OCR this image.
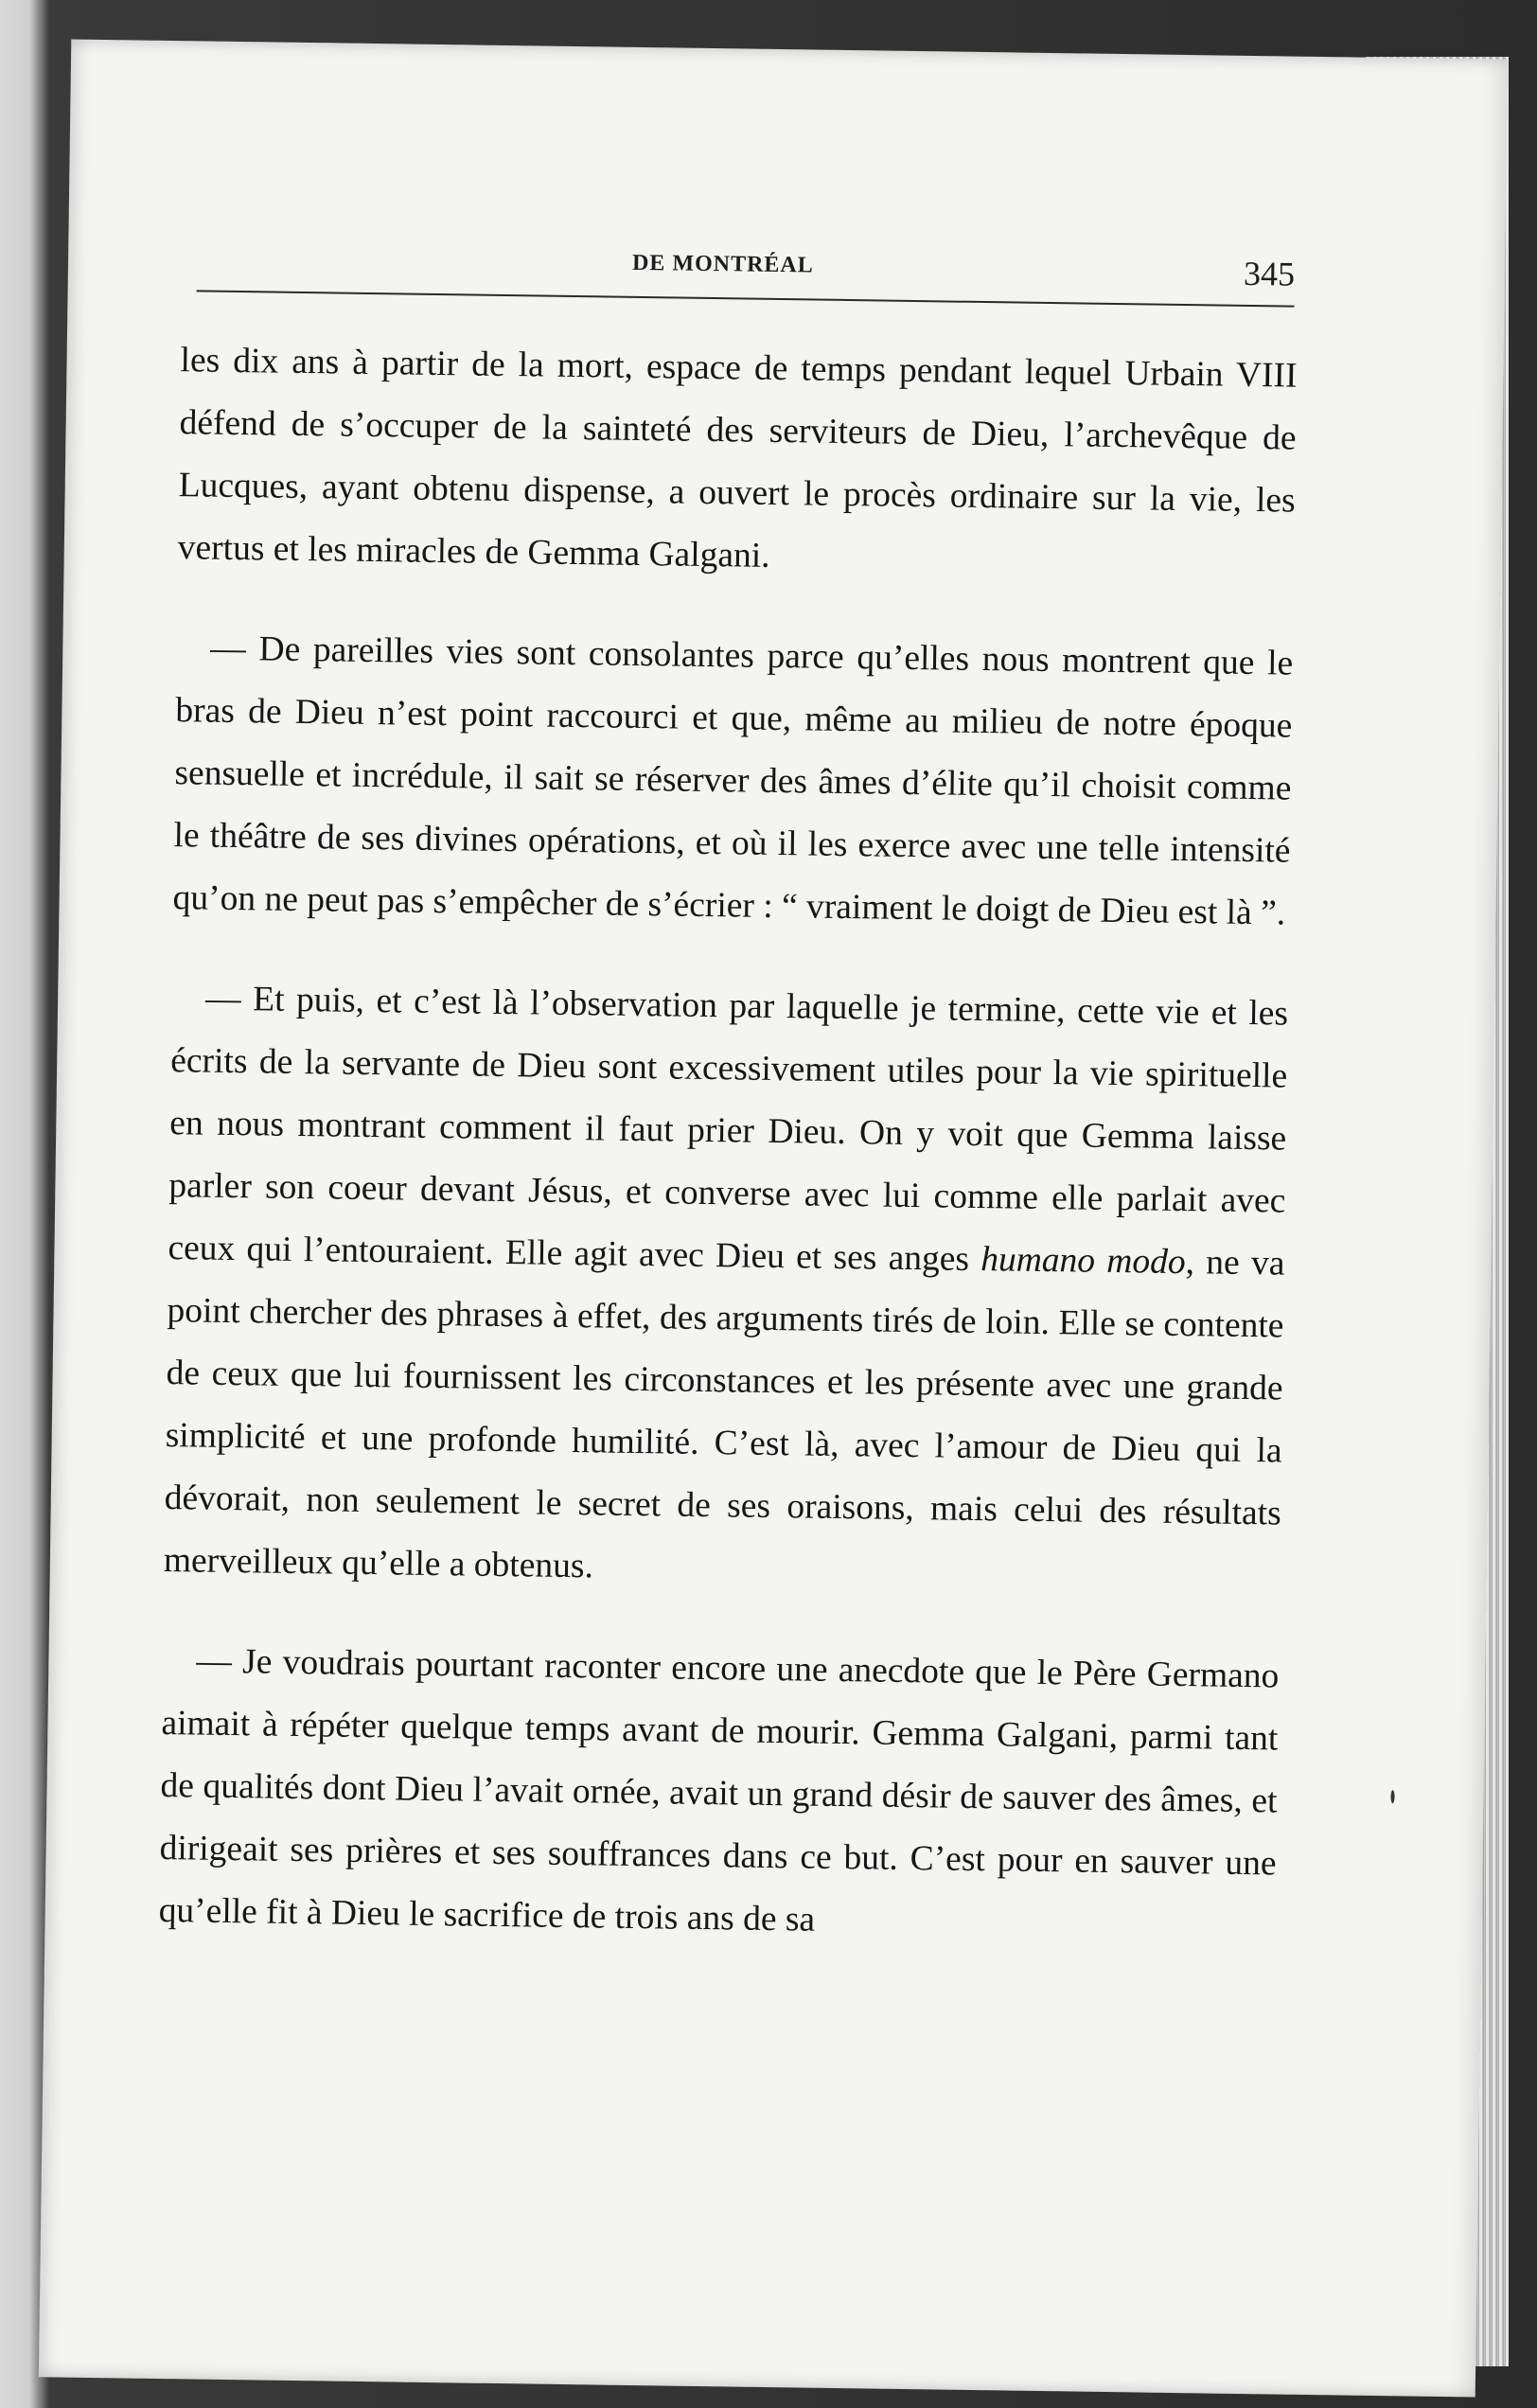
DE MONTRÉAL	345

les dix ans à partir de la mort, espace de temps pendant lequel Urbain VIII défend de s’occuper de la sainteté des serviteurs de Dieu, l’archevêque de Lucques, ayant obtenu dispense, a ouvert le procès ordinaire sur la vie, les vertus et les miracles de Gemma Galgani.

— De pareilles vies sont consolantes parce qu’elles nous montrent que le bras de Dieu n’est point raccourci et que, même au milieu de notre époque sensuelle et incrédule, il sait se réserver des âmes d’élite qu’il choisit comme le théâtre de ses divines opérations, et où il les exerce avec une telle intensité qu’on ne peut pas s’empêcher de s’écrier : “ vraiment le doigt de Dieu est là ”.

— Et puis, et c’est là l’observation par laquelle je termine, cette vie et les écrits de la servante de Dieu sont excessivement utiles pour la vie spirituelle en nous montrant comment il faut prier Dieu. On y voit que Gemma laisse parler son coeur devant Jésus, et converse avec lui comme elle parlait avec ceux qui l’entouraient. Elle agit avec Dieu et ses anges humano modo, ne va point chercher des phrases à effet, des arguments tirés de loin. Elle se contente de ceux que lui fournissent les circonstances et les présente avec une grande simplicité et une profonde humilité. C’est là, avec l’amour de Dieu qui la dévorait, non seulement le secret de ses oraisons, mais celui des résultats merveilleux qu’elle a obtenus.

— Je voudrais pourtant raconter encore une anecdote que le Père Germano aimait à répéter quelque temps avant de mourir. Gemma Galgani, parmi tant de qualités dont Dieu l’avait ornée, avait un grand désir de sauver des âmes, et dirigeait ses prières et ses souffrances dans ce but. C’est pour en sauver une qu’elle fit à Dieu le sacrifice de trois ans de sa
